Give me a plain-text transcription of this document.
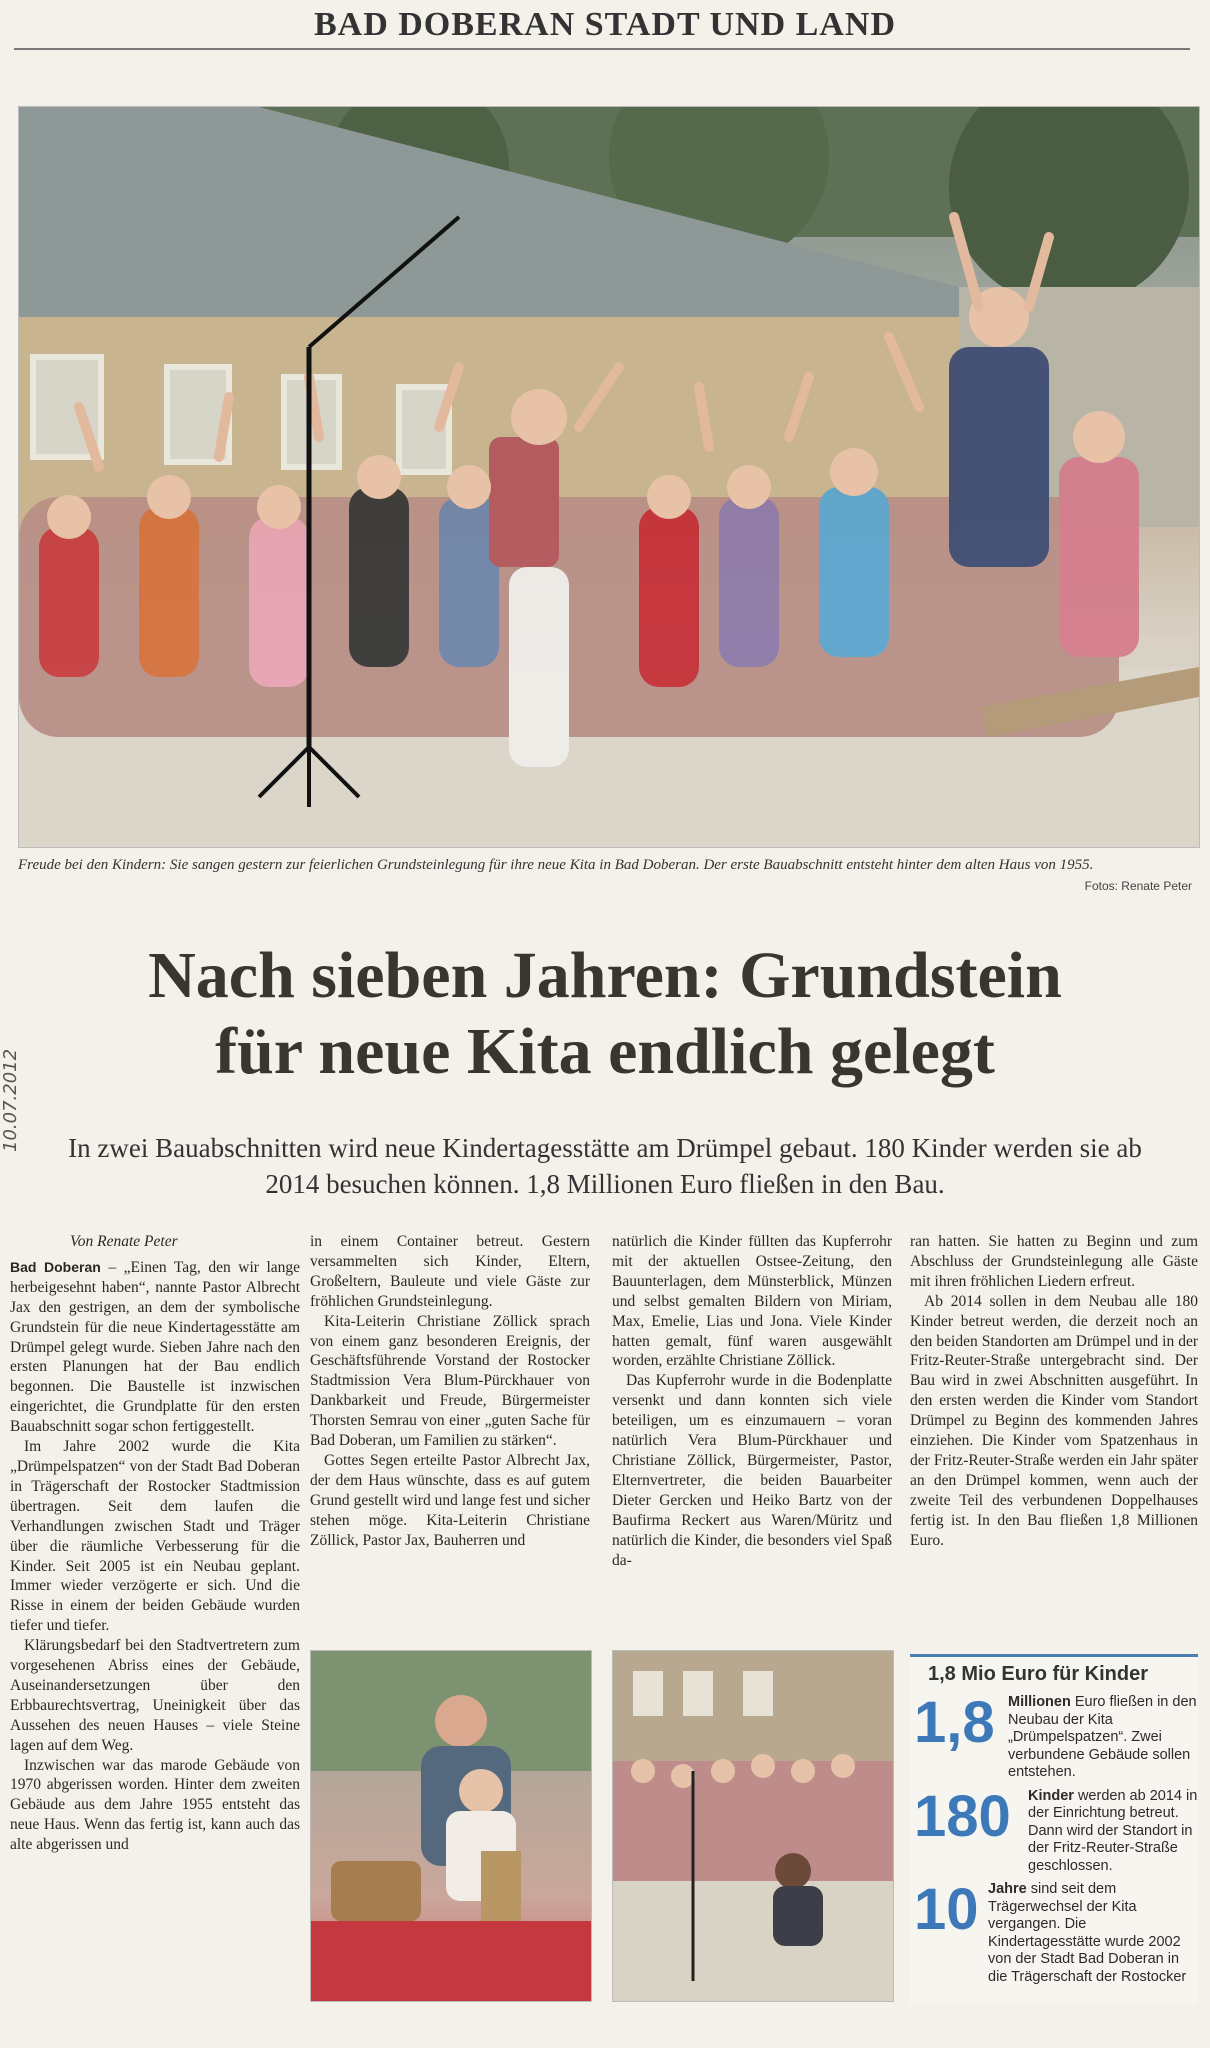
BAD DOBERAN STADT UND LAND
Freude bei den Kindern: Sie sangen gestern zur feierlichen Grundsteinlegung für ihre neue Kita in Bad Doberan. Der erste Bauabschnitt entsteht hinter dem alten Haus von 1955.
Fotos: Renate Peter
Nach sieben Jahren: Grundstein
für neue Kita endlich gelegt
10.07.2012	In zwei Bauabschnitten wird neue Kindertagesstätte am Drümpel gebaut. 180 Kinder werden sie ab 2014 besuchen können. 1,8 Millionen Euro fließen in den Bau.

Von Renate Peter

Bad Doberan – „Einen Tag, den wir lange herbeigesehnt haben“, nannte Pastor Albrecht Jax den gestrigen, an dem der symbolische Grundstein für die neue Kindertagesstätte am Drümpel gelegt wurde. Sieben Jahre nach den ersten Planungen hat der Bau endlich begonnen. Die Baustelle ist inzwischen eingerichtet, die Grundplatte für den ersten Bauabschnitt sogar schon fertiggestellt.

Im Jahre 2002 wurde die Kita „Drümpelspatzen“ von der Stadt Bad Doberan in Trägerschaft der Rostocker Stadtmission übertragen. Seit dem laufen die Verhandlungen zwischen Stadt und Träger über die räumliche Verbesserung für die Kinder. Seit 2005 ist ein Neubau geplant. Immer wieder verzögerte er sich. Und die Risse in einem der beiden Gebäude wurden tiefer und tiefer.

Klärungsbedarf bei den Stadtvertretern zum vorgesehenen Abriss eines der Gebäude, Auseinandersetzungen über den Erbbaurechtsvertrag, Uneinigkeit über das Aussehen des neuen Hauses – viele Steine lagen auf dem Weg.

Inzwischen war das marode Gebäude von 1970 abgerissen worden. Hinter dem zweiten Gebäude aus dem Jahre 1955 entsteht das neue Haus. Wenn das fertig ist, kann auch das alte abgerissen und

in einem Container betreut. Gestern versammelten sich Kinder, Eltern, Großeltern, Bauleute und viele Gäste zur fröhlichen Grundsteinlegung.

Kita-Leiterin Christiane Zöllick sprach von einem ganz besonderen Ereignis, der Geschäftsführende Vorstand der Rostocker Stadtmission Vera Blum-Pürckhauer von Dankbarkeit und Freude, Bürgermeister Thorsten Semrau von einer „guten Sache für Bad Doberan, um Familien zu stärken“.

Gottes Segen erteilte Pastor Albrecht Jax, der dem Haus wünschte, dass es auf gutem Grund gestellt wird und lange fest und sicher stehen möge. Kita-Leiterin Christiane Zöllick, Pastor Jax, Bauherren und

natürlich die Kinder füllten das Kupferrohr mit der aktuellen Ostsee-Zeitung, den Bauunterlagen, dem Münsterblick, Münzen und selbst gemalten Bildern von Miriam, Max, Emelie, Lias und Jona. Viele Kinder hatten gemalt, fünf waren ausgewählt worden, erzählte Christiane Zöllick.

Das Kupferrohr wurde in die Bodenplatte versenkt und dann konnten sich viele beteiligen, um es einzumauern – voran natürlich Vera Blum-Pürckhauer und Christiane Zöllick, Bürgermeister, Pastor, Elternvertreter, die beiden Bauarbeiter Dieter Gercken und Heiko Bartz von der Baufirma Reckert aus Waren/Müritz und natürlich die Kinder, die besonders viel Spaß da-

ran hatten. Sie hatten zu Beginn und zum Abschluss der Grundsteinlegung alle Gäste mit ihren fröhlichen Liedern erfreut.

Ab 2014 sollen in dem Neubau alle 180 Kinder betreut werden, die derzeit noch an den beiden Standorten am Drümpel und in der Fritz-Reuter-Straße untergebracht sind. Der Bau wird in zwei Abschnitten ausgeführt. In den ersten werden die Kinder vom Standort Drümpel zu Beginn des kommenden Jahres einziehen. Die Kinder vom Spatzenhaus in der Fritz-Reuter-Straße werden ein Jahr später an den Drümpel kommen, wenn auch der zweite Teil des verbundenen Doppelhauses fertig ist. In den Bau fließen 1,8 Millionen Euro.

1,8 Mio Euro für Kinder
1,8 Millionen Euro fließen in den Neubau der Kita „Drümpelspatzen“. Zwei verbundene Gebäude sollen entstehen.
180	Kinder werden ab 2014 in der Einrichtung betreut. Dann wird der Standort in der Fritz-Reuter-Straße geschlossen.
10 Jahre sind seit dem Trägerwechsel der Kita vergangen. Die Kindertagesstätte wurde 2002 von der Stadt Bad Doberan in die Trägerschaft der Rostocker
